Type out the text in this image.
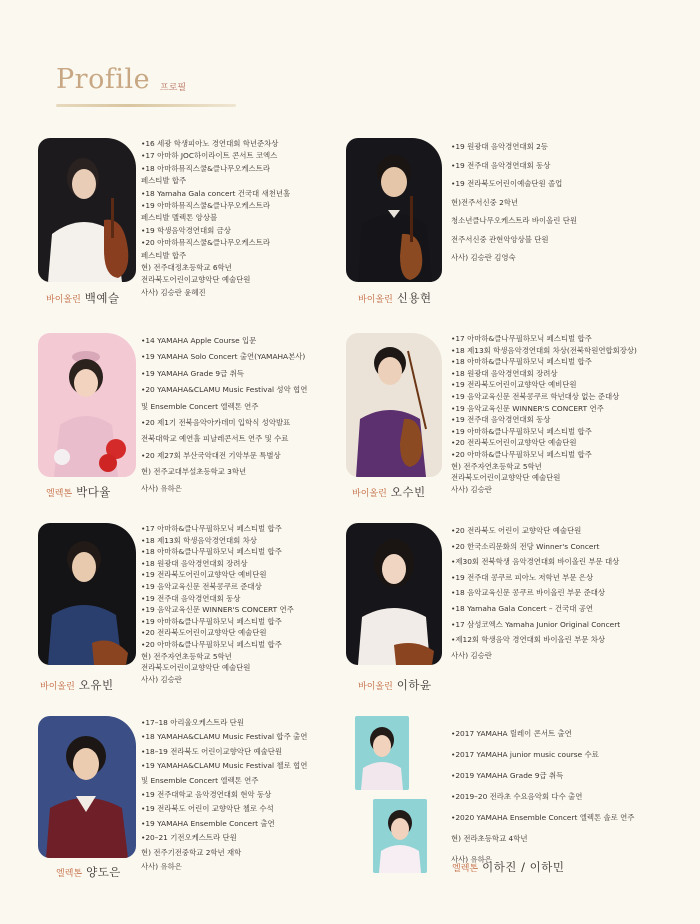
Profile 프로필
바이올린 백예슬
•16 세광 학생피아노 경연대회 학년준차상
•17 아마하 JOC하이라이트 콘서트 코엑스
•18 아마하뮤직스쿨&클나무오케스트라
페스티발 합주
•18 Yamaha Gala concert 건국대 새천년홀
•19 아마하뮤직스쿨&클나무오케스트라
페스티발 멜렉톤 앙상블
•19 학생음악경연대회 금상
•20 아마하뮤직스쿨&클나무오케스트라
페스티발 합주
현) 전주대정초등학교 6학년
전라북도어린이교향악단 예술단원
사사) 김승란 윤혜진
바이올린 신용현
•19 원광대 음악경연대회 2등
•19 전주대 음악경연대회 동상
•19 전라북도어린이예술단원 졸업
현)전주서신중 2학년
청소년클나무오케스트라 바이올린 단원
전주서신중 관현악앙상블 단원
사사) 김승란 김영숙
엘렉톤 박다율
•14 YAMAHA Apple Course 입문
•19 YAMAHA Solo Concert 출연(YAMAHA본사)
•19 YAMAHA Grade 9급 취득
•20 YAMAHA&CLAMU Music Festival 성악 협연
및 Ensemble Concert 엘렉톤 연주
•20 제1기 전북음악아카데미 입학식 성악발표
전북대학교 예연홀 피날레콘서트 연주 및 수료
•20 제27회 부산국악대전 기악부문 특별상
현) 전주교대부설초등학교 3학년
사사) 유하은
바이올린 오수빈
•17 아마하&클나무필하모닉 페스티벌 합주
•18 제13회 학생음악경연대회 차상(전북학원연합회장상)
•18 아마하&클나무필하모닉 페스티벌 합주
•18 원광대 음악경연대회 장려상
•19 전라북도어린이교향악단 예비단원
•19 음악교육신문 전북콩쿠르 학년대상 없는 준대상
•19 음악교육신문 WINNER'S CONCERT 연주
•19 전주대 음악경연대회 동상
•19 아마하&클나무필하모닉 페스티벌 합주
•20 전라북도어린이교향악단 예술단원
•20 아마하&클나무필하모닉 페스티벌 합주
현) 전주자연초등학교 5학년
전라북도어린이교향악단 예술단원
사사) 김승란
바이올린 오유빈
•17 아마하&클나무필하모닉 페스티벌 합주
•18 제13회 학생음악경연대회 차상
•18 아마하&클나무필하모닉 페스티벌 합주
•18 원광대 음악경연대회 장려상
•19 전라북도어린이교향악단 예비단원
•19 음악교육신문 전북콩쿠르 준대상
•19 전주대 음악경연대회 동상
•19 음악교육신문 WINNER'S CONCERT 연주
•19 아마하&클나무필하모닉 페스티벌 합주
•20 전라북도어린이교향악단 예술단원
•20 아마하&클나무필하모닉 페스티벌 합주
현) 전주자연초등학교 5학년
전라북도어린이교향악단 예술단원
사사) 김승란
바이올린 이하윤
•20 전라북도 어린이 교향악단 예술단원
•20 한국소리문화의 전당 Winner's Concert
•제30회 전북학생 음악경연대회 바이올린 부문 대상
•19 전주대 콩쿠르 피아노 저학년 부문 은상
•18 음악교육신문 콩쿠르 바이올린 부문 준대상
•18 Yamaha Gala Concert – 건국대 공연
•17 삼성코엑스 Yamaha Junior Original Concert
•제12회 학생음악 경연대회 바이올린 부문 차상
사사) 김승란
엘렉톤 양도은
•17–18 아리울오케스트라 단원
•18 YAMAHA&CLAMU Music Festival 합주 출연
•18–19 전라북도 어린이교향악단 예술단원
•19 YAMAHA&CLAMU Music Festival 첼로 협연
및 Ensemble Concert 엘렉톤 연주
•19 전주대학교 음악경연대회 현악 동상
•19 전라북도 어린이 교향악단 첼로 수석
•19 YAMAHA Ensemble Concert 출연
•20–21 기전오케스트라 단원
현) 전주기전중학교 2학년 재학
사사) 유하은	엘렉톤 이하진 / 이하민
•2017 YAMAHA 릴레이 콘서트 출연
•2017 YAMAHA junior music course 수료
•2019 YAMAHA Grade 9급 취득
•2019–20 전라초 수요음악회 다수 출연
•2020 YAMAHA Ensemble Concert 엘렉톤 솔로 연주
현) 전라초등학교 4학년
사사) 유하은
